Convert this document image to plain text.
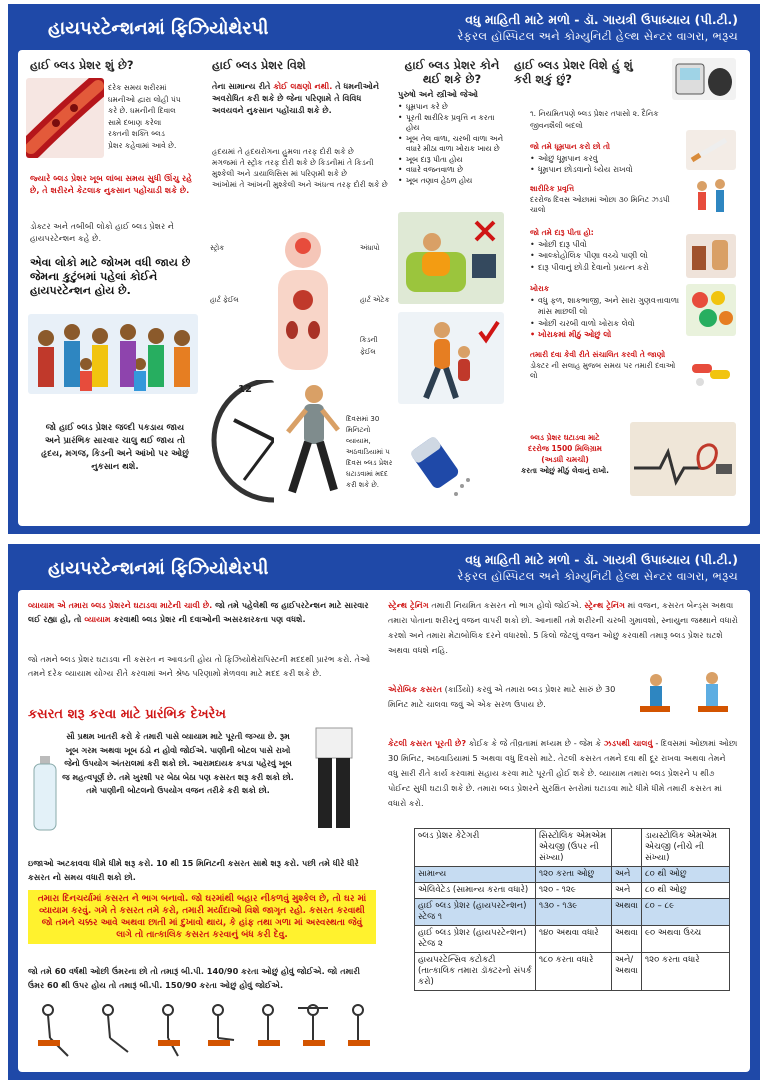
હાયપરટેન્શનમાં ફિઝિયોથેરપી	વધુ માહિતી માટે મળો - ડૉ. ગાયત્રી ઉપાધ્યાય (પી.ટી.)
રેફરલ હૉસ્પિટલ અને કોમ્યુનિટી હેલ્થ સેન્ટર વાગરા, ભરૂચ
હાઈ બ્લડ પ્રેશર શું છે?
દરેક સમય શરીરમાં
ધમનીઓ દ્વારા લોહી પંપ
કરે છે. ધમનીની દિવાલ
સામે દબાણ કરેલા
રક્તની શક્તિ બ્લડ
પ્રેશર કહેવામાં આવે છે.
જ્યારે બ્લડ પ્રેશર ખૂબ લાંબા સમય સુધી ઊંચુ રહે છે, તે શરીરને કેટલાક નુકસાન પહોંચાડી શકે છે.
ડોક્ટર અને તબીબી લોકો હાઈ બ્લડ પ્રેશર ને હાયપરટેન્શન કહે છે.
એવા લોકો માટે જોખમ વધી જાય છે જેમના કુટુંબમાં પહેલાં કોઈને હાયપરટેન્શન હોય છે.
જો હાઈ બ્લડ પ્રેશર જલ્દી પકડાય જાય અને પ્રારંભિક સારવાર ચાલુ થઈ જાય તો હૃદય, મગજ, કિડની અને આંખો પર ઓછું નુકસાન થશે.
હાઈ બ્લડ પ્રેશર વિશે
તેના સામાન્ય રીતે કોઈ લક્ષણો નથી. તે ધમનીઓને અવરોધિત કરી શકે છે જેના પરિણામે તે વિવિધ અવયવને નુકસાન પહોંચાડી શકે છે.
હૃદયમાં તે હૃદયરોગના હુમલા તરફ દોરી શકે છે
મગજમાં તે સ્ટ્રોક તરફ દોરી શકે છે કિડનીમાં તે કિડની મુશ્કેલી અને ડાયાલિસિસ માં પરિણમી શકે છે
આંખોમાં તે આંખની મુશ્કેલી અને અંધત્વ તરફ દોરી શકે છે
સ્ટ્રોક	અંધાપો
હાર્ટ ફેઈલ	હાર્ટ એટેક
કિડની ફેઈલ
12
દિવસમાં 30 મિનિટનો વ્યાયામ, અઠવાડિયામાં ૫ દિવસ બ્લડ પ્રેશર ઘટાડવામાં મદદ કરી શકે છે.
હાઈ બ્લડ પ્રેશર કોને થઈ શકે છે?
પુરુષો અને સ્ત્રીઓ જેઓ
• ધૂમ્રપાન કરે છે
• પૂરતી શારીરિક પ્રવૃત્તિ ન કરતા હોય
• ખૂબ તેલ વાળા, ચરબી વાળા અને વધારે મીઠા વાળા ખોરાક ખાય છે
• ખૂબ દારૂ પીતા હોય
• વધારે વજનવાળા છે
• ખૂબ તણાવ હેઠળ હોય
હાઈ બ્લડ પ્રેશર વિશે હું શું કરી શકું છું?
૧. નિયમિતપણે બ્લડ પ્રેશર તપાસો ૨. દૈનિક જીવનશૈલી બદલો
જો તમે ધૂમ્રપાન કરો છો તો
• ઓછું ધૂમ્રપાન કરવું
• ધૂમ્રપાન છોડવાનો ધ્યેય રાખવો
શારીરિક પ્રવૃત્તિ
દરરોજ દિવસ ઓછામાં ઓછા ૩૦ મિનિટ ઝડપી ચાલો
જો તમે દારૂ પીતા હો:
• ઓછી દારૂ પીવો
• આલ્કોહોલિક પીણા વચ્ચે પાણી લો
• દારૂ પીવાનું છોડી દેવાનો પ્રયત્ન કરો
ખોરાક
• વધુ ફળ, શાકભાજી, અને સારા ગુણવત્તાવાળા માંસ માછલી લો
• ઓછી ચરબી વાળો ખોરાક લેવો
• ખોરાકમાં મીઠું ઓછું લો
તમારી દવા કેવી રીતે સંચાલિત કરવી તે જાણો
ડોક્ટર ની સલાહ મુજબ સમય પર તમારી દવાઓ લો
બ્લડ પ્રેશર ઘટાડવા માટે
દરરોજ 1500 મિલિગ્રામ
(અડધી ચમચી)
કરતા ઓછું મીઠું લેવાનું રાખો.
હાયપરટેન્શનમાં ફિઝિયોથેરપી	વધુ માહિતી માટે મળો - ડૉ. ગાયત્રી ઉપાધ્યાય (પી.ટી.)
રેફરલ હૉસ્પિટલ અને કોમ્યુનિટી હેલ્થ સેન્ટર વાગરા, ભરૂચ
વ્યાયામ એ તમારા બ્લડ પ્રેશરને ઘટાડવા માટેની ચાવી છે. જો તમે પહેલેથી જ હાઈપરટેન્શન માટે સારવાર લઈ રહ્યા હો, તો વ્યાયામ કરવાથી બ્લડ પ્રેશર ની દવાઓની અસરકારકતા પણ વધશે.
જો તમને બ્લડ પ્રેશર ઘટાડવા ની કસરત ન આવડતી હોય તો ફિઝિયોથેરાપિસ્ટની મદદથી પ્રારંભ કરો. તેઓ તમને દરેક વ્યાયામ યોગ્ય રીતે કરવામાં અને શ્રેષ્ઠ પરિણામો મેળવવા માટે મદદ કરી શકે છે.
કસરત શરૂ કરવા માટે પ્રારંભિક દેખરેખ
સૌ પ્રથમ ખાતરી કરો કે તમારી પાસે વ્યાયામ માટે પૂરતી જગ્યા છે. રૂમ ખૂબ ગરમ અથવા ખૂબ ઠંડો ન હોવો જોઈએ. પાણીની બોટલ પાસે રાખો જેનો ઉપયોગ અંતરાલમાં કરી શકો છો. આરામદાયક કપડા પહેરવું ખૂબ જ મહત્વપૂર્ણ છે. તમે ખુરશી પર બેઠા બેઠા પણ કસરત શરૂ કરી શકો છો. તમે પાણીની બોટલનો ઉપયોગ વજન તરીકે કરી શકો છો.
ઇજાઓ અટકાવવા ધીમે ધીમે શરૂ કરો. 10 થી 15 મિનિટની કસરત સાથે શરૂ કરો. પછી તમે ધીરે ધીરે કસરત નો સમય વધારી શકો છો.
તમારા દિનચર્યામાં કસરત ને ભાગ બનાવો. જો ઘરમાંથી બહાર નીકળવું મુશ્કેલ છે, તો ઘર માં વ્યાયામ કરવું. ગમે તે કસરત તમે કરો, તમારી મર્યાદાઓ વિશે જાગૃત રહો. કસરત કરવાથી જો તમને ચક્કર આવે અથવા છાતી માં દુખાવો થાય, કે હાંફ તથા ગળા માં અસ્વસ્થતા જેવું લાગે તો તાત્કાલિક કસરત કરવાનું બંધ કરી દેવુ.
જો તમે 60 વર્ષથી ઓછી ઉંમરના છો તો તમારૂં બી.પી. 140/90 કરતા ઓછું હોવું જોઈએ. જો તમારી ઉંમર 60 થી ઉપર હોય તો તમારૂં બી.પી. 150/90 કરતા ઓછું હોવું જોઈએ.
સ્ટ્રેન્થ ટ્રેનિંગ તમારી નિયમિત કસરત નો ભાગ હોવો જોઈએ. સ્ટ્રેન્થ ટ્રેનિંગ માં વજન, કસરત બેન્ડ્સ અથવા તમારા પોતાના શરીરનું વજન વાપરી શકો છો. આનાથી તમે શરીરની ચરબી ગુમાવશો, સ્નાયુના જથ્થાને વધારો કરશો અને તમારા મેટાબોલિક દરને વધારશો. 5 કિલો જેટલું વજન ઓછું કરવાથી તમારૂ બ્લડ પ્રેશર ઘટશે અથવા વધશે નહિ.
એરોબિક કસરત (કાર્ડિયો) કરવું એ તમારા બ્લડ પ્રેશર માટે સારું છે 30 મિનિટ માટે ચાલવા જવું એ એક સરળ ઉપાય છે.
કેટલી કસરત પૂરતી છે? કોઈક કે જે તીવ્રતામાં મધ્યમ છે - જેમ કે ઝડપથી ચાલવું - દિવસમાં ઓછામાં ઓછા 30 મિનિટ, અઠવાડિયામાં 5 અથવા વધુ દિવસો માટે. તેટલી કસરત તમને દવા થી દૂર રાખવા અથવા તેમને વધુ સારી રીતે કાર્ય કરવામાં સહાય કરવા માટે પૂરતી હોઈ શકે છે. વ્યાયામ તમારા બ્લડ પ્રેશરને ૫ થી૭ પોઈન્ટ સુધી ઘટાડી શકે છે. તમારા બ્લડ પ્રેશરને સુરક્ષિત સ્તરોમાં ઘટાડવા માટે ધીમે ધીમે તમારી કસરત માં વધારો કરો.
બ્લડ પ્રેશર કેટેગરી	સિસ્ટોલિક એમએમ એચજી (ઉપર ની સંખ્યા)		ડાયસ્ટોલિક એમએમ એચજી (નીચે ની સંખ્યા)
સામાન્ય	૧૨૦ કરતા ઓછુ	અને	૮૦ થી ઓછુ
એલિવેટેડ (સામાન્ય કરતા વધારે)	૧૨૦ - ૧૨૯	અને	૮૦ થી ઓછુ
હાઈ બ્લડ પ્રેશર (હાયપરટેન્શન) સ્ટેજ ૧	૧૩૦ - ૧૩૯	અથવા	૮૦ – ૮૯
હાઈ બ્લડ પ્રેશર (હાયપરટેન્શન) સ્ટેજ ૨	૧૪૦ અથવા વધારે	અથવા	૯૦ અથવા ઉચ્ચ
હાયપરટેન્સિવ કટોકટી (તાત્કાલિક તમારા ડૉક્ટરનો સંપર્ક કરો)	૧૮૦ કરતા વધારે	અને/ અથવા	૧૨૦ કરતા વધારે
